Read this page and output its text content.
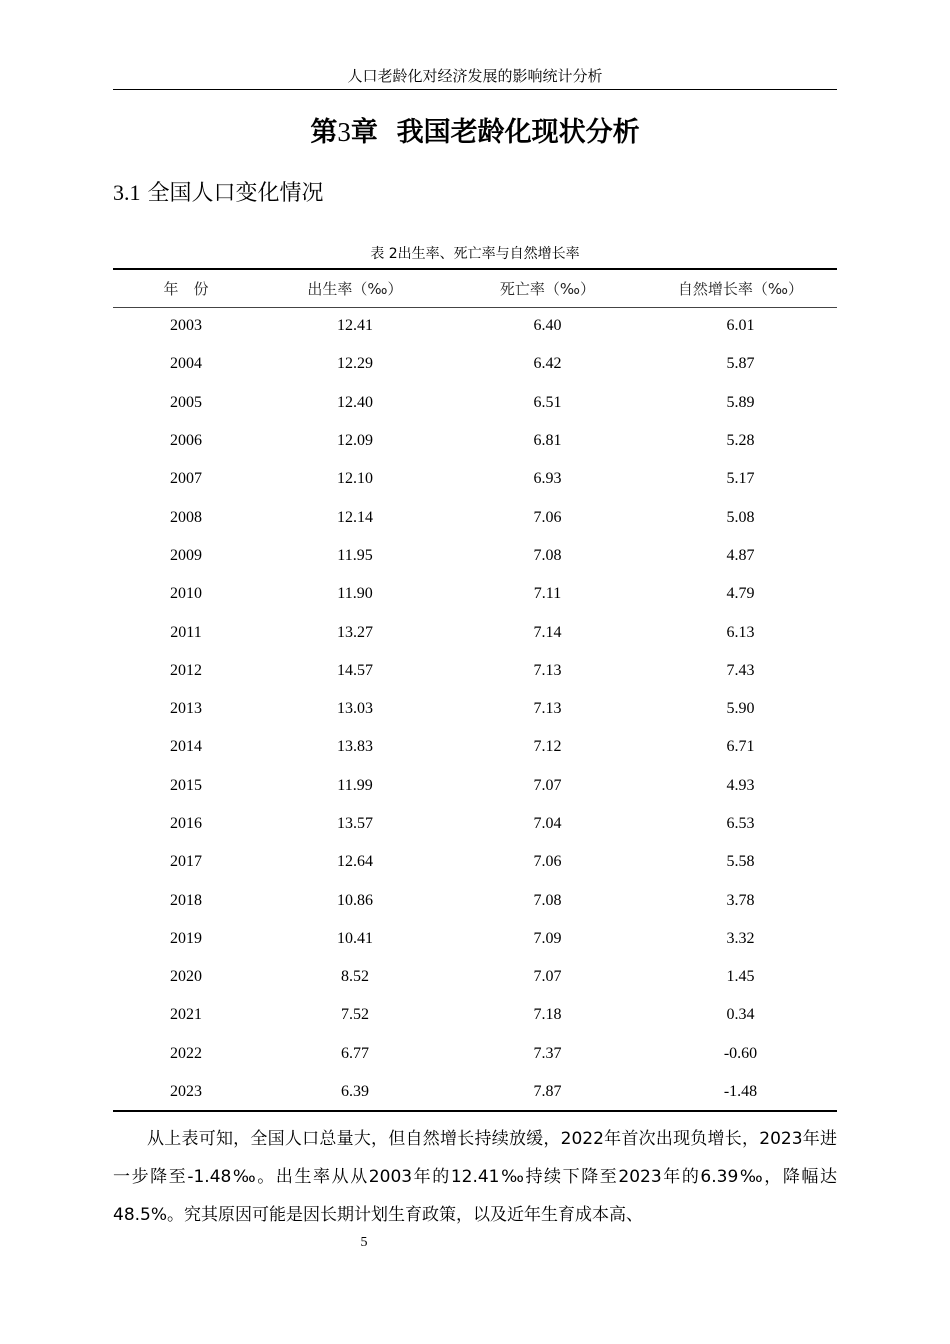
人口老龄化对经济发展的影响统计分析
第3章 我国老龄化现状分析
3.1 全国人口变化情况
表 2出生率、死亡率与自然增长率
年　份	出生率（‰）	死亡率（‰）	自然增长率（‰）
2003	12.41	6.40	6.01
2004	12.29	6.42	5.87
2005	12.40	6.51	5.89
2006	12.09	6.81	5.28
2007	12.10	6.93	5.17
2008	12.14	7.06	5.08
2009	11.95	7.08	4.87
2010	11.90	7.11	4.79
2011	13.27	7.14	6.13
2012	14.57	7.13	7.43
2013	13.03	7.13	5.90
2014	13.83	7.12	6.71
2015	11.99	7.07	4.93
2016	13.57	7.04	6.53
2017	12.64	7.06	5.58
2018	10.86	7.08	3.78
2019	10.41	7.09	3.32
2020	8.52	7.07	1.45
2021	7.52	7.18	0.34
2022	6.77	7.37	-0.60
2023	6.39	7.87	-1.48

从上表可知，全国人口总量大，但自然增长持续放缓，2022年首次出现负增长，2023年进一步降至-1.48‰。出生率从从2003年的12.41‰持续下降至2023年的6.39‰，降幅达48.5%。究其原因可能是因长期计划生育政策，以及近年生育成本高、

5
